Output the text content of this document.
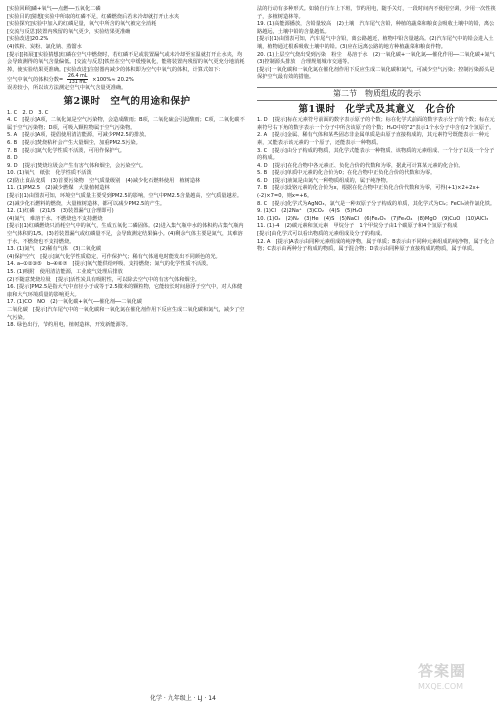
[实验回顾]磷+氧气──点燃──五氧化二磷

[实验目的]猜想[实验中所取的红磷不足，红磷燃烧后若未冷却就打开止水夹

[实验探究]实验中加入的红磷足量，氧气中所含的氧气被完全消耗

[交流与反思]装置内残留的氧气更少，实验结果更准确

[实验改进]20.2%

(4)铁粉、炭粉、氯化钠、蒸馏水

[提示][拓展][实验猜想]红磷在空气中燃烧时，若红磷不足或装置漏气或未冷却至室温就打开止水夹，均会导致测得的氧气含量偏低。[交流与反思]铁丝在空气中缓慢氧化，能将装置内残留的氧气更充分地消耗掉，使实验结果更准确。[实验改进]注射器内减少的体积即为空气中氧气的体积，计算式如下：

空气中氧气的体积分数= $\frac{26.4 mL}{131 mL} \times 100\%\approx 20.2\%$

误差较小，所以该方法测定空气中氧气含量更准确。

第2课时　空气的用途和保护

1. C　2. D　3. C

4. C　[提示]A项，二氧化氮是空气污染物，会造成酸雨；B项，二氧化硫会引起酸雨；C项，二氧化碳不属于空气污染物；D项，可吸入颗粒物属于空气污染物。

5. A　[提示]A项，提倡使用清洁能源，可减少PM2.5的排放。

6. B　[提示]焚烧秸秆会产生大量烟尘，加重PM2.5污染。

7. B　[提示]氮气化学性质不活泼，可用作保护气。

8. D

9. D　[提示]焚烧垃圾会产生有害气体和烟尘，会污染空气。

10. (1)氧气　纸张　化学性质不活泼

(2)防止食品变质　(3)首要污染物　空气质量级别　(4)减少化石燃料使用　植树造林

11. (1)PM2.5　(2)减少燃煤　大量植树造林

[提示](1)由图表可知，环境空气质量主要受到PM2.5的影响，空气中PM2.5含量越高，空气质量越差。(2)减少化石燃料的燃烧，大量植树造林，都可以减少PM2.5的产生。

12. (1)红磷　(2)1/5　(3)装置漏气(合理即可)

(4)氮气　难溶于水、不燃烧也不支持燃烧

[提示](1)红磷燃烧只消耗空气中的氧气，生成五氧化二磷固体。(2)进入集气瓶中水的体积约占集气瓶内空气体积的1/5。(3)若装置漏气或红磷量不足，会导致测定结果偏小。(4)剩余气体主要是氮气，其难溶于水，不燃烧也不支持燃烧。

13. (1)氮气　(2)稀有气体　(3)二氧化碳

(4)保护空气　[提示]氮气化学性质稳定，可作保护气；稀有气体通电时能发出不同颜色的光。

14. a─①②③⑤　b─④⑥⑦　[提示]氧气能供给呼吸、支持燃烧；氮气的化学性质不活泼。

15. (1)吸附　使用清洁能源，工业废气处理后排放

(2)不随意焚烧垃圾　[提示]活性炭具有吸附性，可以除去空气中的有害气体和烟尘。

16. [提示]PM2.5是指大气中直径小于或等于2.5微米的颗粒物，它能较长时间悬浮于空气中，对人体健康和大气环境质量的影响更大。

17. (1)CO　NO　(2)一氧化碳+氧气──催化剂──二氧化碳

二氧化碳　[提示]汽车尾气中的一氧化碳和一氧化氮在催化剂作用下反应生成二氧化碳和氮气，减少了空气污染。

18. 绿色出行，节约用电，植树造林，开发新能源等。

法的行动有多种形式。如骑自行车上下班，节约用电，随手关灯，一段时间内不使用空调，少用一次性筷子，多植树造林等。

19. (1)高能源播放，含铅量较高　(2)土壤　汽车尾气含铅，种植的蔬菜和粮食会吸收土壤中的铅，离公路越远，土壤中铅的含量越低。

[提示](1)由图表可知，汽车尾气中含铅，离公路越近，植物中铅含量越高。(2)汽车尾气中的铅会进入土壤，植物通过根系吸收土壤中的铅。(3)应在远离公路的地方种植蔬菜和粮食作物。

20. (1)上层空气烧出受到污染　粉尘　易溶于水　(2)一氧化碳+一氧化氮──催化作用──二氧化碳+氮气　(3)控制源头排放　合理规划城市交通等。

[提示]一氧化碳和一氧化氮在催化剂作用下反应生成二氧化碳和氮气，可减少空气污染；控制污染源头是保护空气最有效的措施。

第二节　物质组成的表示
第1课时　化学式及其意义　化合价

1. D　[提示]标在元素符号前面的数字表示原子的个数；标在化学式前面的数字表示分子的个数；标在元素符号右下角的数字表示一个分子中所含该原子的个数；H₂O中的"2"表示1个水分子中含有2个氢原子。

2. A　[提示]金属、稀有气体和某些固态非金属单质是由原子直接构成的，其元素符号既能表示一种元素，又能表示该元素的一个原子，还能表示一种物质。

3. C　[提示]由分子构成的物质，其化学式能表示一种物质、该物质的元素组成、一个分子以及一个分子的构成。

4. D　[提示]在化合物中各元素正、负化合价的代数和为零，据此可计算某元素的化合价。

5. B　[提示]单质中元素的化合价为0；在化合物中正负化合价的代数和为零。

6. D　[提示]液氮是由氮气一种物质组成的，属于纯净物。

7. B　[提示]设铬元素的化合价为x，根据在化合物中正负化合价代数和为零，可得(+1)×2+2x+(-2)×7=0，则x=+6。

8. C　[提示]化学式为AgNO₃，氯气是一种双原子分子构成的单质，其化学式为Cl₂；FeCl₃读作氯化铁。

9. (1)Cl　(2)2Na⁺　(3)CO₂　(4)S　(5)H₂O

10. (1)O₂　(2)N₂　(3)He　(4)S　(5)NaCl　(6)Fe₂O₃　(7)Fe₃O₄　(8)MgO　(9)CuO　(10)AlCl₃

11. (1)-4　(2)碳元素和氢元素　甲烷分子　1个甲烷分子由1个碳原子和4个氢原子构成

[提示]由化学式可以看出物质的元素组成及分子的构成。

12. A　[提示]A表示由同种元素组成的纯净物，属于单质；B表示由不同种元素组成的纯净物，属于化合物；C表示由两种分子构成的物质，属于混合物；D表示由同种原子直接构成的物质，属于单质。

化学 · 九年级上 · LJ · 14
答案圈
MXQE.COM
